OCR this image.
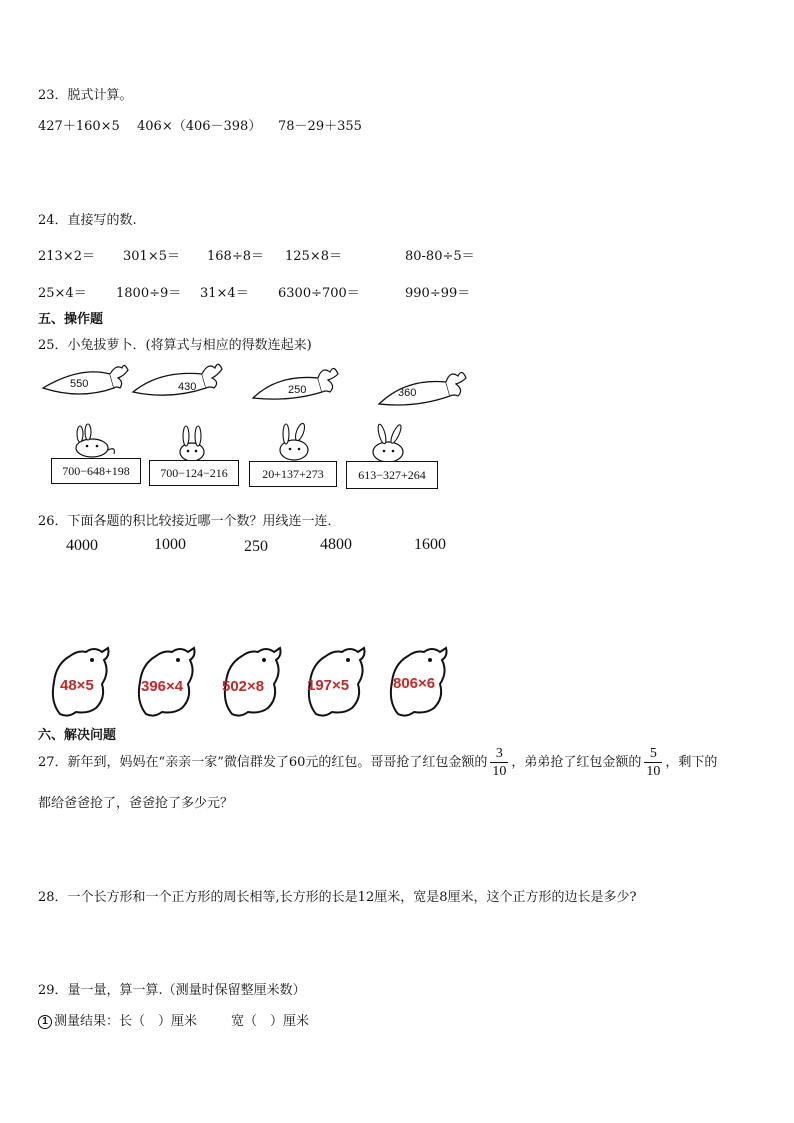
23．脱式计算。
427＋160×5 406×（406－398） 78－29＋355
24．直接写的数.
213×2＝ 301×5＝ 168÷8＝ 125×8＝	80-80÷5＝
25×4＝ 1800÷9＝ 31×4＝ 6300÷700＝	990÷99＝
五、操作题
25．小兔拔萝卜．(将算式与相应的得数连起来)
550	430	250	360
700−648+198	700−124−216	20+137+273	613−327+264
26．下面各题的积比较接近哪一个数？用线连一连．
4000	1000	250	4800	1600
48×5	396×4	502×8	197×5	806×6
六、解决问题
27．新年到，妈妈在“亲亲一家”微信群发了60元的红包。哥哥抢了红包金额的 $\frac{3}{10}$ ，弟弟抢了红包金额的 $\frac{5}{10}$ ，剩下的
都给爸爸抢了，爸爸抢了多少元？
28．一个长方形和一个正方形的周长相等,长方形的长是12厘米，宽是8厘米，这个正方形的边长是多少?
29．量一量，算一算.（测量时保留整厘米数）
1 测量结果：长（　）厘米	宽（　）厘米
